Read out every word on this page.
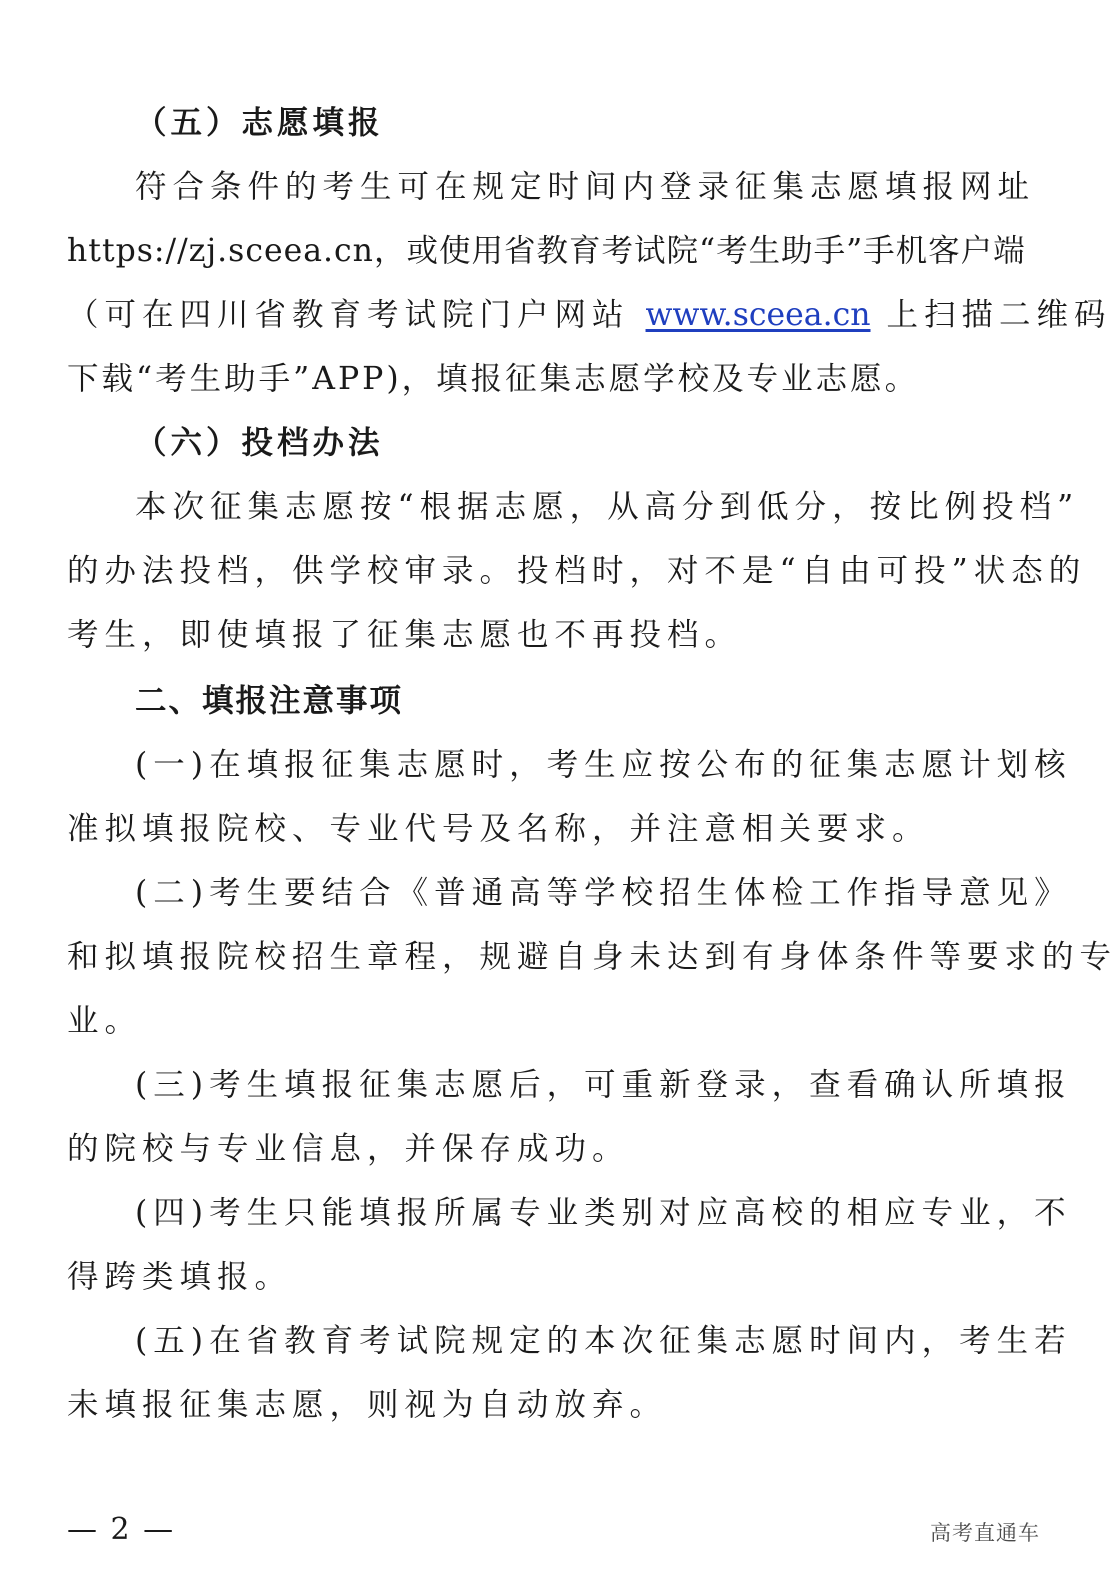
（五）志愿填报
符合条件的考生可在规定时间内登录征集志愿填报网址
https://zj.sceea.cn，或使用省教育考试院“考生助手”手机客户端
（可在四川省教育考试院门户网站 www.sceea.cn 上扫描二维码
下载“考生助手”APP)，填报征集志愿学校及专业志愿。
（六）投档办法
本次征集志愿按“根据志愿，从高分到低分，按比例投档”
的办法投档，供学校审录。投档时，对不是“自由可投”状态的
考生，即使填报了征集志愿也不再投档。
二、填报注意事项
(一)在填报征集志愿时，考生应按公布的征集志愿计划核
准拟填报院校、专业代号及名称，并注意相关要求。
(二)考生要结合《普通高等学校招生体检工作指导意见》
和拟填报院校招生章程，规避自身未达到有身体条件等要求的专
业。
(三)考生填报征集志愿后，可重新登录，查看确认所填报
的院校与专业信息，并保存成功。
(四)考生只能填报所属专业类别对应高校的相应专业，不
得跨类填报。
(五)在省教育考试院规定的本次征集志愿时间内，考生若
未填报征集志愿，则视为自动放弃。
— 2 —	高考直通车
